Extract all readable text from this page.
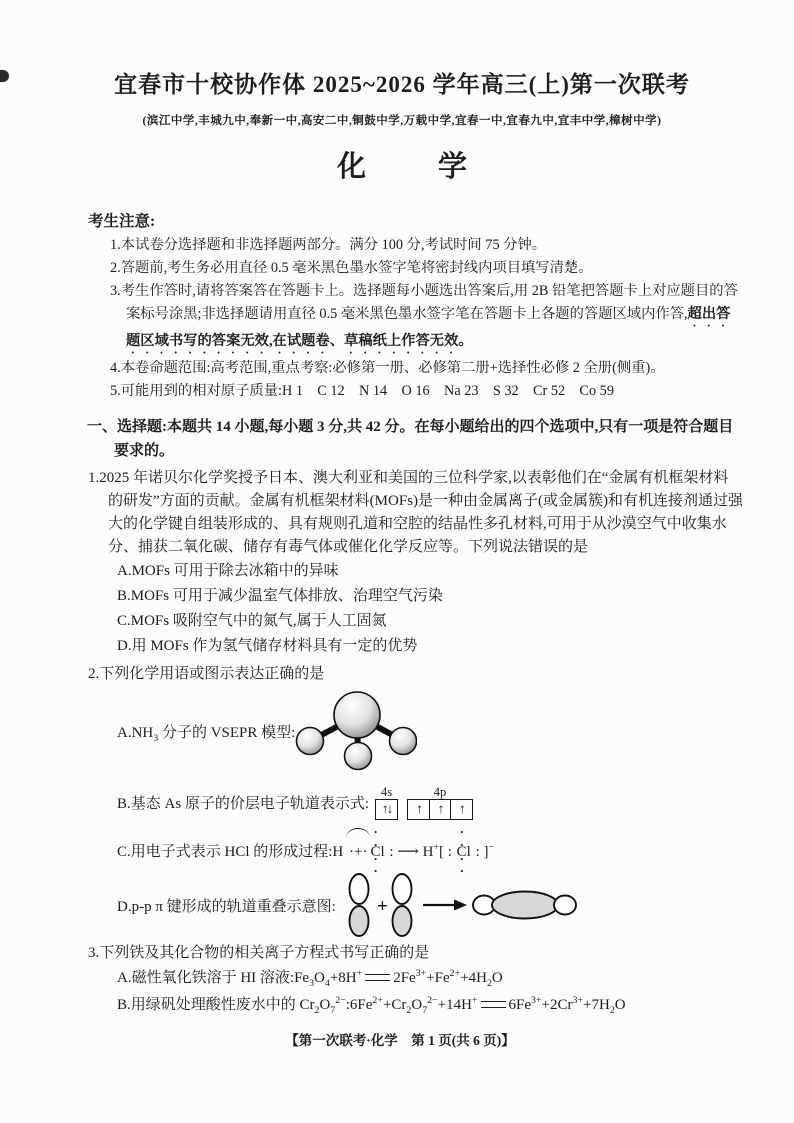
宜春市十校协作体 2025~2026 学年高三(上)第一次联考
(滨江中学,丰城九中,奉新一中,高安二中,铜鼓中学,万载中学,宜春一中,宜春九中,宜丰中学,樟树中学)
化 学
考生注意:
1.本试卷分选择题和非选择题两部分。满分 100 分,考试时间 75 分钟。
2.答题前,考生务必用直径 0.5 毫米黑色墨水签字笔将密封线内项目填写清楚。
3.考生作答时,请将答案答在答题卡上。选择题每小题选出答案后,用 2B 铅笔把答题卡上对应题目的答案标号涂黑;非选择题请用直径 0.5 毫米黑色墨水签字笔在答题卡上各题的答题区域内作答,超出答题区域书写的答案无效,在试题卷、草稿纸上作答无效。
4.本卷命题范围:高考范围,重点考察:必修第一册、必修第二册+选择性必修 2 全册(侧重)。
5.可能用到的相对原子质量:H 1　C 12　N 14　O 16　Na 23　S 32　Cr 52　Co 59
一、选择题:本题共 14 小题,每小题 3 分,共 42 分。在每小题给出的四个选项中,只有一项是符合题目要求的。
1.2025 年诺贝尔化学奖授予日本、澳大利亚和美国的三位科学家,以表彰他们在“金属有机框架材料的研发”方面的贡献。金属有机框架材料(MOFs)是一种由金属离子(或金属簇)和有机连接剂通过强大的化学键自组装形成的、具有规则孔道和空腔的结晶性多孔材料,可用于从沙漠空气中收集水分、捕获二氧化碳、储存有毒气体或催化化学反应等。下列说法错误的是
A.MOFs 可用于除去冰箱中的异味
B.MOFs 可用于减少温室气体排放、治理空气污染
C.MOFs 吸附空气中的氮气,属于人工固氮
D.用 MOFs 作为氢气储存材料具有一定的优势
2.下列化学用语或图示表达正确的是
$A.NH_3$ 分子的 VSEPR 模型:
B.基态 As 原子的价层电子轨道表示式:
4s
↑↓
4p
↑	↑	↑
C.用电子式表示 HCl 的形成过程:H ·+· · · Cl · · : ⟶ H+[ : · · Cl · · : ]−
D.p-p π 键形成的轨道重叠示意图: +
3.下列铁及其化合物的相关离子方程式书写正确的是
A.磁性氧化铁溶于 HI 溶液$:Fe_3O_4+8H^+$ $2Fe^{3+}+Fe^{2+}+4H_2O$
B.用绿矾处理酸性废水中的 $Cr_2O_7^{2-}:6Fe^{2+}+Cr_2O_7^{2-}+14H^+$ $6Fe^{3+}+2Cr^{3+}+7H_2O$
【第一次联考·化学　第 1 页(共 6 页)】
